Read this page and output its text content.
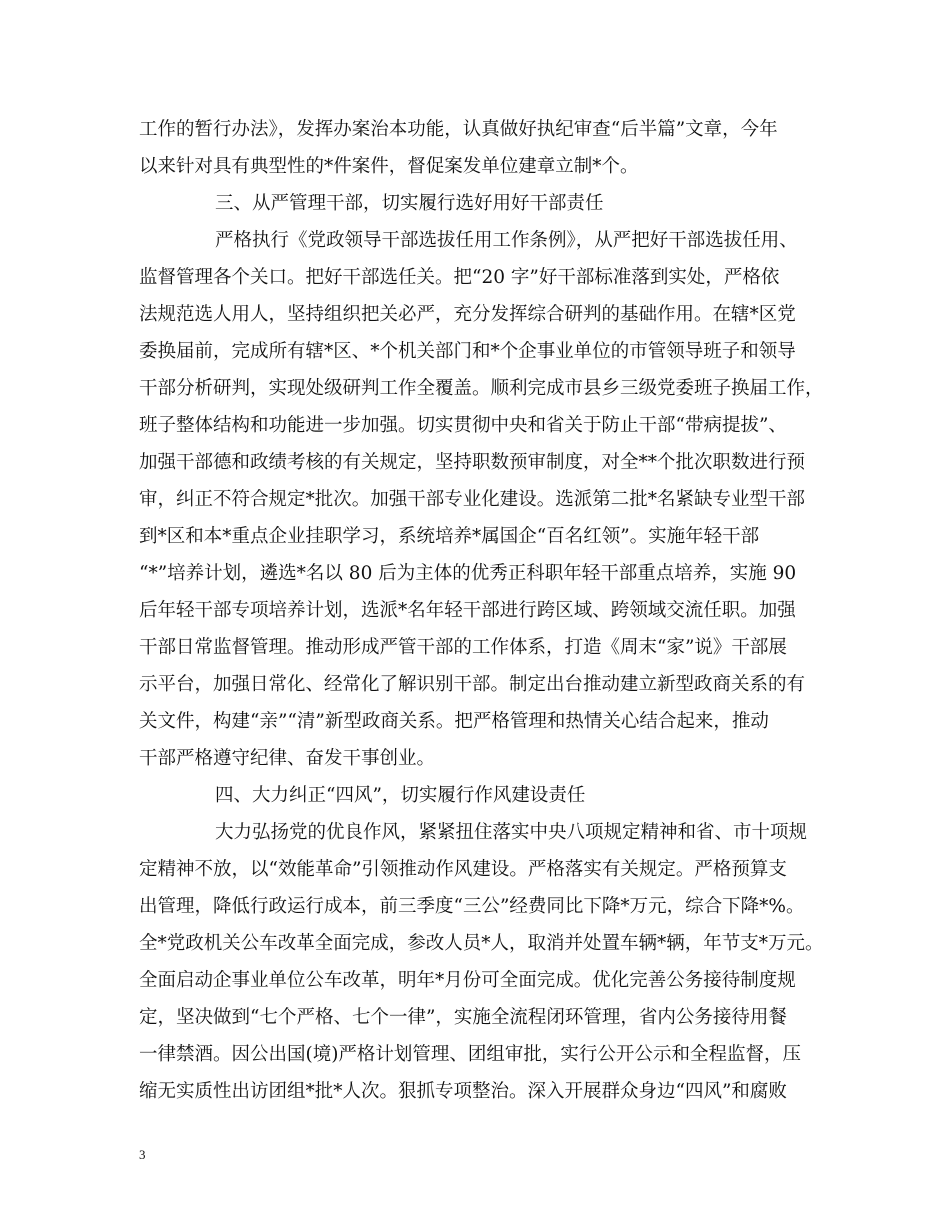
工作的暂行办法》，发挥办案治本功能，认真做好执纪审查“后半篇”文章，今年
以来针对具有典型性的*件案件，督促案发单位建章立制*个。
三、从严管理干部，切实履行选好用好干部责任
严格执行《党政领导干部选拔任用工作条例》，从严把好干部选拔任用、
监督管理各个关口。把好干部选任关。把“20 字”好干部标准落到实处，严格依
法规范选人用人，坚持组织把关必严，充分发挥综合研判的基础作用。在辖*区党
委换届前，完成所有辖*区、*个机关部门和*个企事业单位的市管领导班子和领导
干部分析研判，实现处级研判工作全覆盖。顺利完成市县乡三级党委班子换届工作，
班子整体结构和功能进一步加强。切实贯彻中央和省关于防止干部“带病提拔”、
加强干部德和政绩考核的有关规定，坚持职数预审制度，对全**个批次职数进行预
审，纠正不符合规定*批次。加强干部专业化建设。选派第二批*名紧缺专业型干部
到*区和本*重点企业挂职学习，系统培养*属国企“百名红领”。实施年轻干部
“*”培养计划，遴选*名以 80 后为主体的优秀正科职年轻干部重点培养，实施 90
后年轻干部专项培养计划，选派*名年轻干部进行跨区域、跨领域交流任职。加强
干部日常监督管理。推动形成严管干部的工作体系，打造《周末“家”说》干部展
示平台，加强日常化、经常化了解识别干部。制定出台推动建立新型政商关系的有
关文件，构建“亲”“清”新型政商关系。把严格管理和热情关心结合起来，推动
干部严格遵守纪律、奋发干事创业。
四、大力纠正“四风”，切实履行作风建设责任
大力弘扬党的优良作风，紧紧扭住落实中央八项规定精神和省、市十项规
定精神不放，以“效能革命”引领推动作风建设。严格落实有关规定。严格预算支
出管理，降低行政运行成本，前三季度“三公”经费同比下降*万元，综合下降*%。
全*党政机关公车改革全面完成，参改人员*人，取消并处置车辆*辆，年节支*万元。
全面启动企事业单位公车改革，明年*月份可全面完成。优化完善公务接待制度规
定，坚决做到“七个严格、七个一律”，实施全流程闭环管理，省内公务接待用餐
一律禁酒。因公出国(境)严格计划管理、团组审批，实行公开公示和全程监督，压
缩无实质性出访团组*批*人次。狠抓专项整治。深入开展群众身边“四风”和腐败
3
